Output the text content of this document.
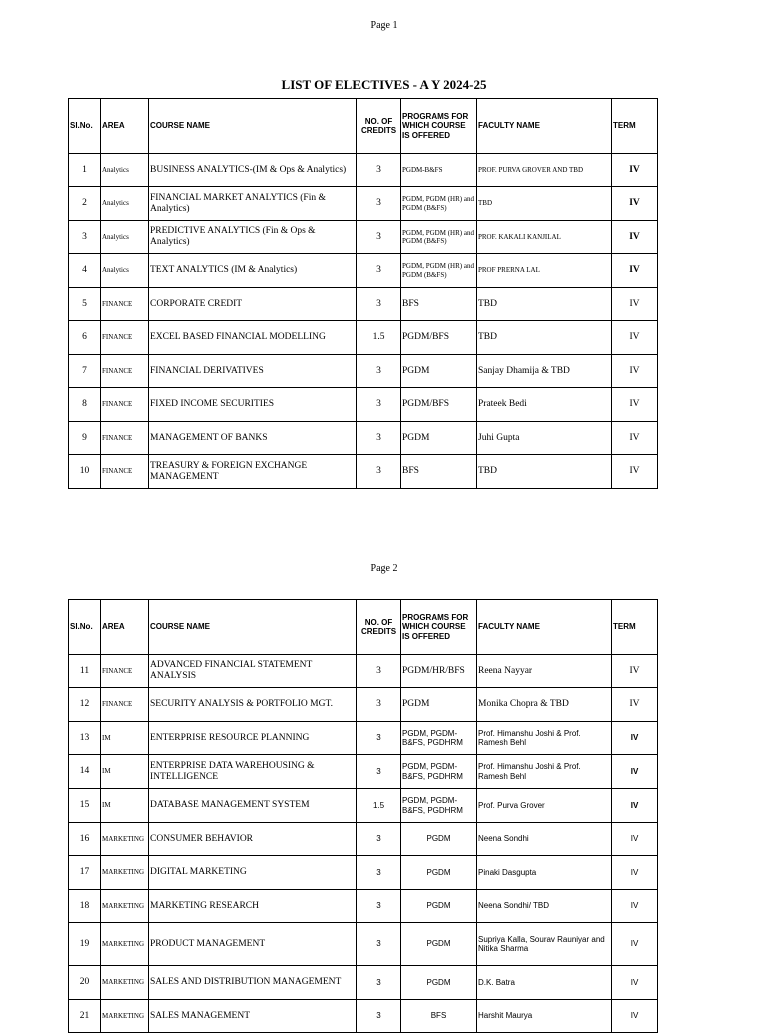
Page 1
LIST OF ELECTIVES - A Y 2024-25
Sl.No.	AREA	COURSE NAME	NO. OF CREDITS	PROGRAMS FOR WHICH COURSE IS OFFERED	FACULTY NAME	TERM
1	Analytics	BUSINESS ANALYTICS-(IM & Ops & Analytics)	3	PGDM-B&FS	PROF. PURVA GROVER AND TBD	IV
2	Analytics	FINANCIAL MARKET ANALYTICS (Fin & Analytics)	3	PGDM, PGDM (HR) and PGDM (B&FS)	TBD	IV
3	Analytics	PREDICTIVE ANALYTICS (Fin & Ops & Analytics)	3	PGDM, PGDM (HR) and PGDM (B&FS)	PROF. KAKALI KANJILAL	IV
4	Analytics	TEXT ANALYTICS (IM & Analytics)	3	PGDM, PGDM (HR) and PGDM (B&FS)	PROF PRERNA LAL	IV
5	FINANCE	CORPORATE CREDIT	3	BFS	TBD	IV
6	FINANCE	EXCEL BASED FINANCIAL MODELLING	1.5	PGDM/BFS	TBD	IV
7	FINANCE	FINANCIAL DERIVATIVES	3	PGDM	Sanjay Dhamija & TBD	IV
8	FINANCE	FIXED INCOME SECURITIES	3	PGDM/BFS	Prateek Bedi	IV
9	FINANCE	MANAGEMENT OF BANKS	3	PGDM	Juhi Gupta	IV
10	FINANCE	TREASURY & FOREIGN EXCHANGE MANAGEMENT	3	BFS	TBD	IV
Page 2
Sl.No.	AREA	COURSE NAME	NO. OF CREDITS	PROGRAMS FOR WHICH COURSE IS OFFERED	FACULTY NAME	TERM
11	FINANCE	ADVANCED FINANCIAL STATEMENT ANALYSIS	3	PGDM/HR/BFS	Reena Nayyar	IV
12	FINANCE	SECURITY ANALYSIS & PORTFOLIO MGT.	3	PGDM	Monika Chopra & TBD	IV
13	IM	ENTERPRISE RESOURCE PLANNING	3	PGDM, PGDM-B&FS, PGDHRM	Prof. Himanshu Joshi & Prof. Ramesh Behl	IV
14	IM	ENTERPRISE DATA WAREHOUSING & INTELLIGENCE	3	PGDM, PGDM-B&FS, PGDHRM	Prof. Himanshu Joshi & Prof. Ramesh Behl	IV
15	IM	DATABASE MANAGEMENT SYSTEM	1.5	PGDM, PGDM-B&FS, PGDHRM	Prof. Purva Grover	IV
16	MARKETING	CONSUMER BEHAVIOR	3	PGDM	Neena Sondhi	IV
17	MARKETING	DIGITAL MARKETING	3	PGDM	Pinaki Dasgupta	IV
18	MARKETING	MARKETING RESEARCH	3	PGDM	Neena Sondhi/ TBD	IV
19	MARKETING	PRODUCT MANAGEMENT	3	PGDM	Supriya Kalla, Sourav Rauniyar and Nitika Sharma	IV
20	MARKETING	SALES AND DISTRIBUTION MANAGEMENT	3	PGDM	D.K. Batra	IV
21	MARKETING	SALES MANAGEMENT	3	BFS	Harshit Maurya	IV
